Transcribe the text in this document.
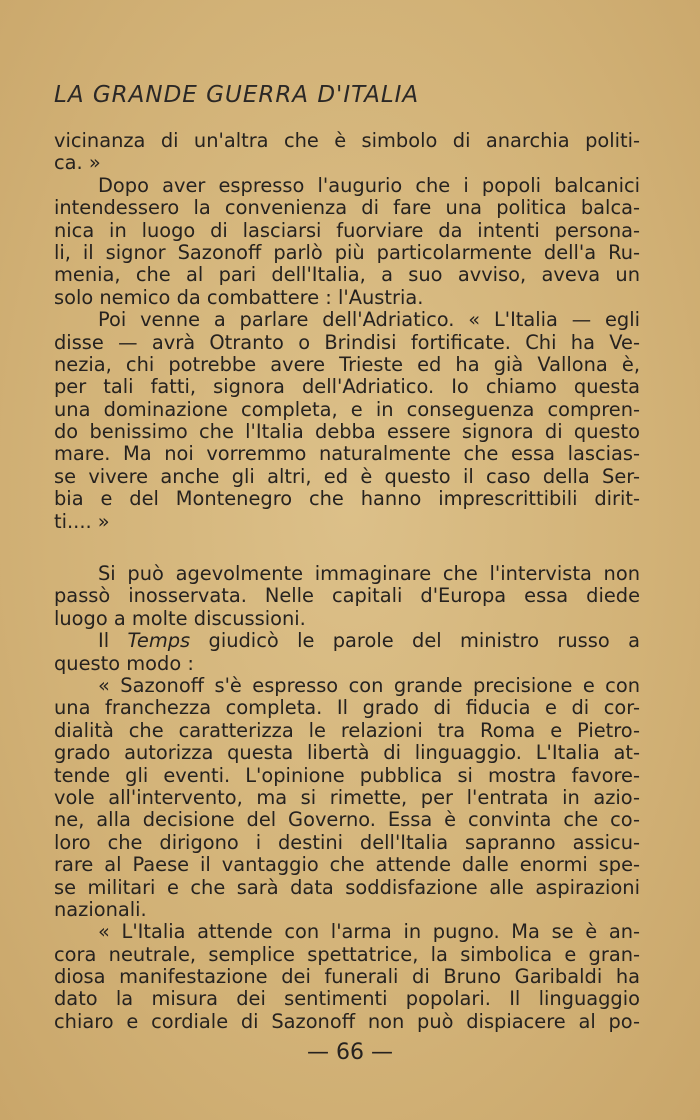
LA GRANDE GUERRA D'ITALIA
vicinanza di un'altra che è simbolo di anarchia politi-
ca. »
Dopo aver espresso l'augurio che i popoli balcanici
intendessero la convenienza di fare una politica balca-
nica in luogo di lasciarsi fuorviare da intenti persona-
li, il signor Sazonoff parlò più particolarmente dell'a Ru-
menia, che al pari dell'Italia, a suo avviso, aveva un
solo nemico da combattere : l'Austria.
Poi venne a parlare dell'Adriatico. « L'Italia — egli
disse — avrà Otranto o Brindisi fortificate. Chi ha Ve-
nezia, chi potrebbe avere Trieste ed ha già Vallona è,
per tali fatti, signora dell'Adriatico. Io chiamo questa
una dominazione completa, e in conseguenza compren-
do benissimo che l'Italia debba essere signora di questo
mare. Ma noi vorremmo naturalmente che essa lascias-
se vivere anche gli altri, ed è questo il caso della Ser-
bia e del Montenegro che hanno imprescrittibili dirit-
ti.... »
Si può agevolmente immaginare che l'intervista non
passò inosservata. Nelle capitali d'Europa essa diede
luogo a molte discussioni.
Il Temps giudicò le parole del ministro russo a
questo modo :
« Sazonoff s'è espresso con grande precisione e con
una franchezza completa. Il grado di fiducia e di cor-
dialità che caratterizza le relazioni tra Roma e Pietro-
grado autorizza questa libertà di linguaggio. L'Italia at-
tende gli eventi. L'opinione pubblica si mostra favore-
vole all'intervento, ma si rimette, per l'entrata in azio-
ne, alla decisione del Governo. Essa è convinta che co-
loro che dirigono i destini dell'Italia sapranno assicu-
rare al Paese il vantaggio che attende dalle enormi spe-
se militari e che sarà data soddisfazione alle aspirazioni
nazionali.
« L'Italia attende con l'arma in pugno. Ma se è an-
cora neutrale, semplice spettatrice, la simbolica e gran-
diosa manifestazione dei funerali di Bruno Garibaldi ha
dato la misura dei sentimenti popolari. Il linguaggio
chiaro e cordiale di Sazonoff non può dispiacere al po-
— 66 —
